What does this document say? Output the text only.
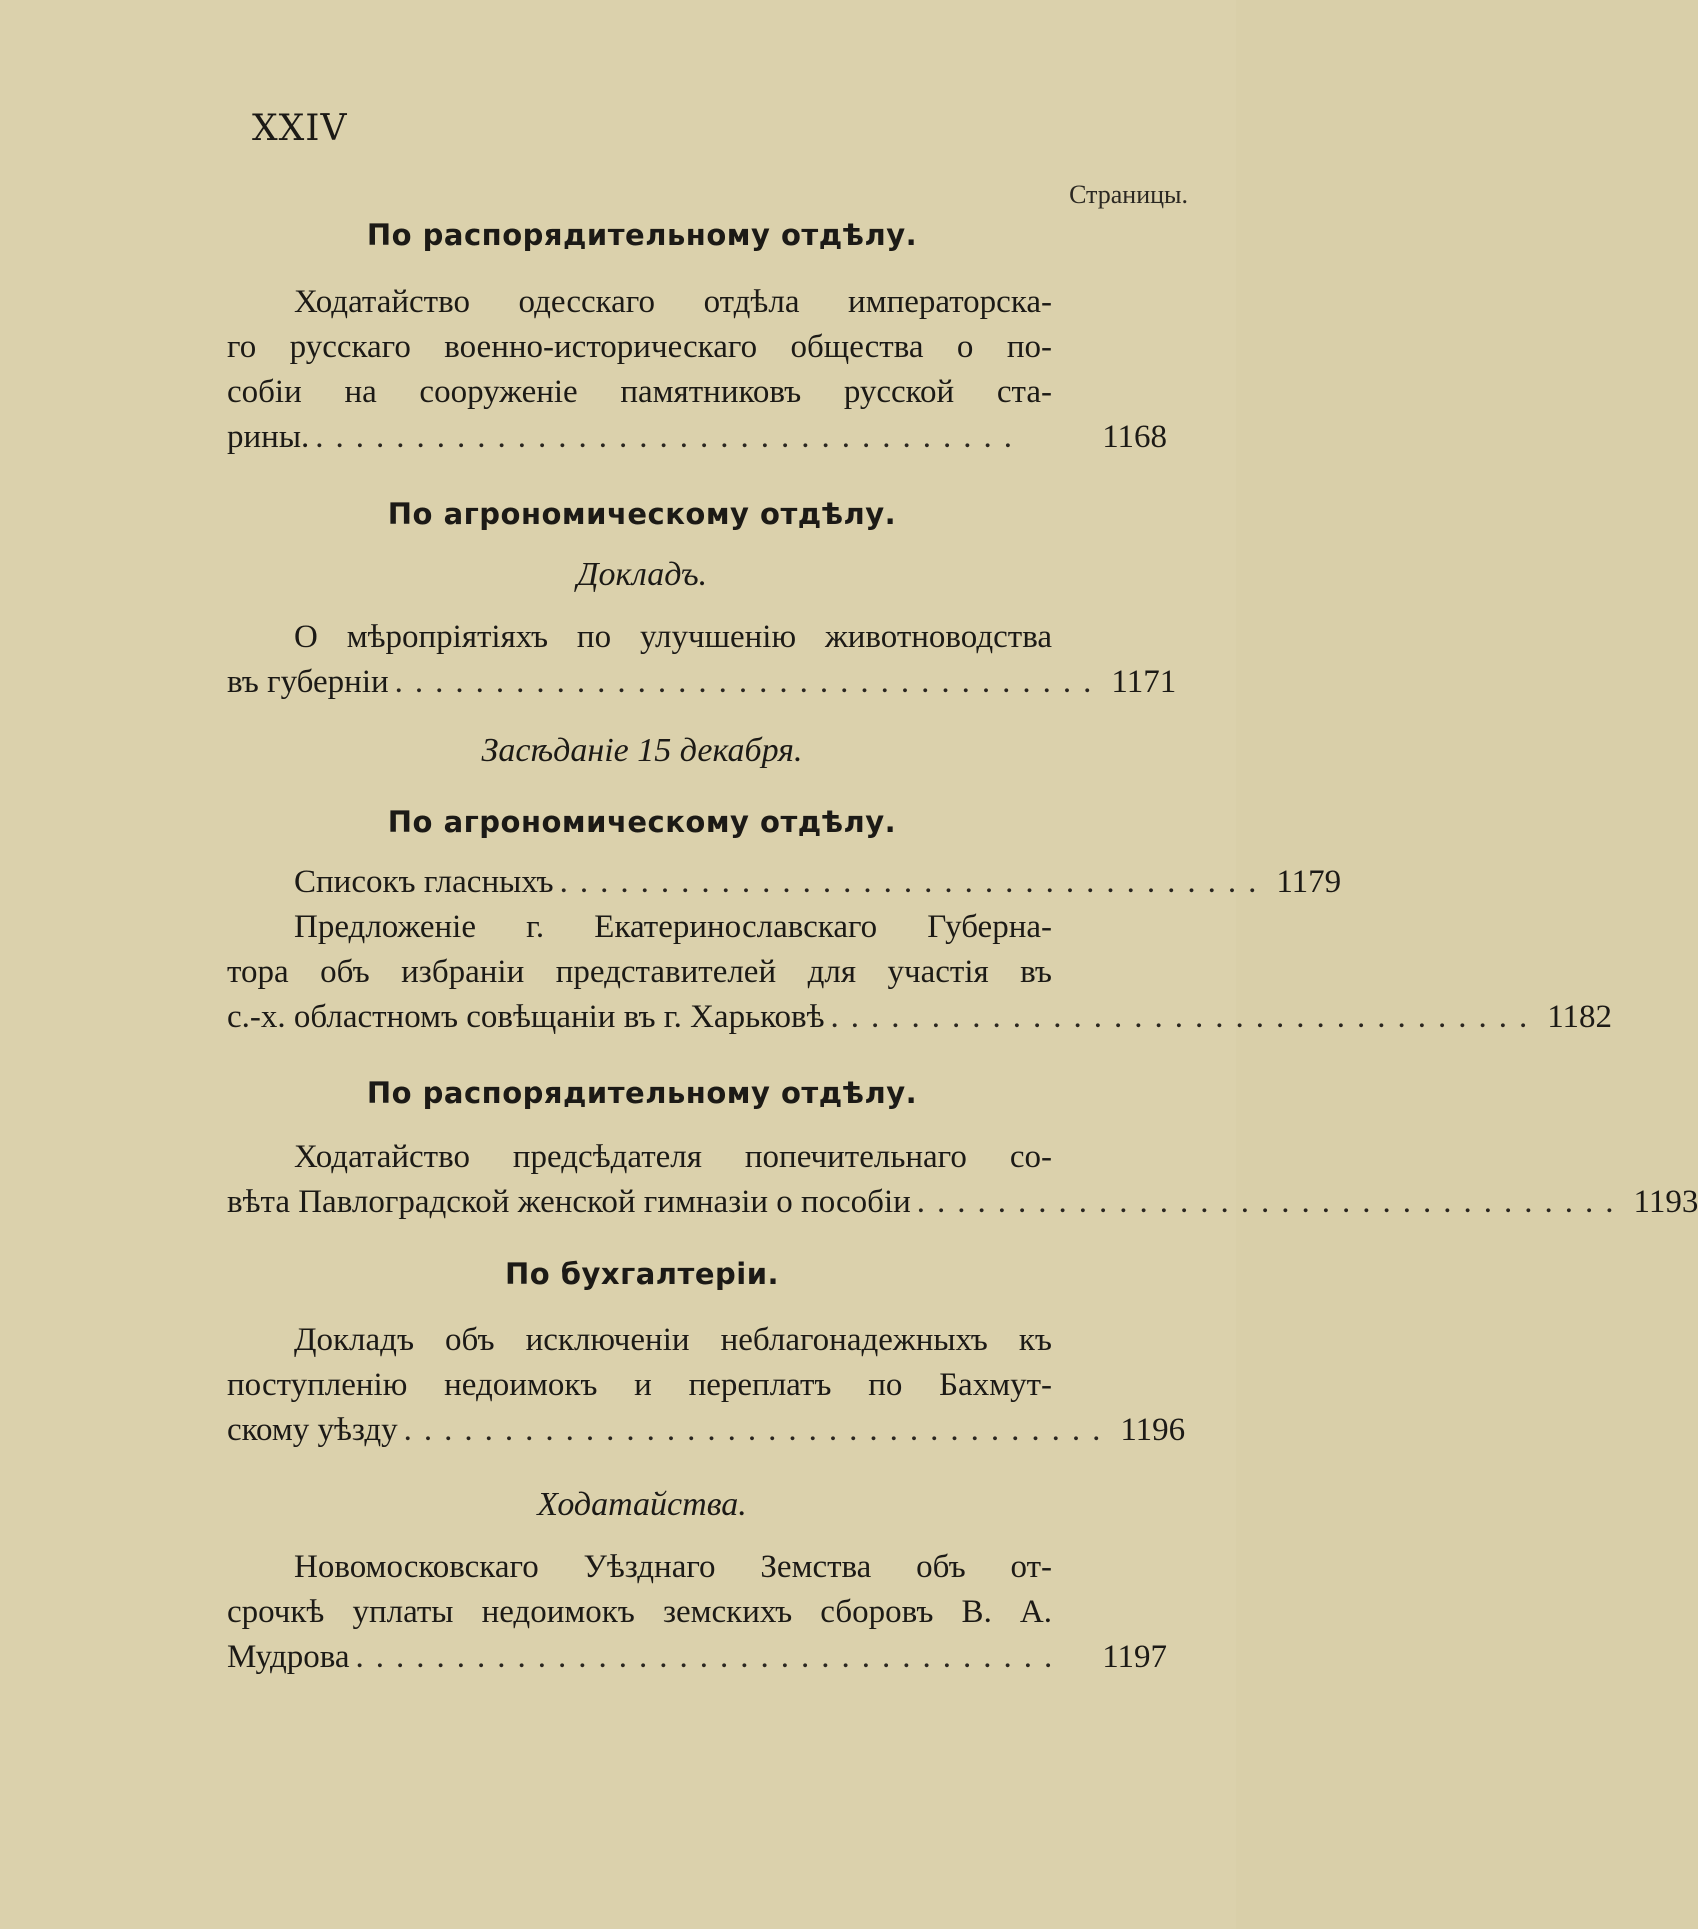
XXIV
Страницы.
По распорядительному отдѣлу.
Ходатайство одесскаго отдѣла императорска-
го русскаго военно-историческаго общества о по-
собіи на сооруженіе памятниковъ русской ста-
рины. ...................................	1168
По агрономическому отдѣлу.
Докладъ.
О мѣропріятіяхъ по улучшенію животноводства
въ губерніи ................................... 1171
Засѣданіе 15 декабря.
По агрономическому отдѣлу.
Списокъ гласныхъ ................................... 1179
Предложеніе г. Екатеринославскаго Губерна-
тора объ избраніи представителей для участія въ
с.-х. областномъ совѣщаніи въ г. Харьковѣ ................................... 1182
По распорядительному отдѣлу.
Ходатайство предсѣдателя попечительнаго со-
вѣта Павлоградской женской гимназіи о пособіи ................................... 1193
По бухгалтеріи.
Докладъ объ исключеніи неблагонадежныхъ къ
поступленію недоимокъ и переплатъ по Бахмут-
скому уѣзду ................................... 1196
Ходатайства.
Новомосковскаго Уѣзднаго Земства объ от-
срочкѣ уплаты недоимокъ земскихъ сборовъ В. А.
Мудрова ...................................	1197
